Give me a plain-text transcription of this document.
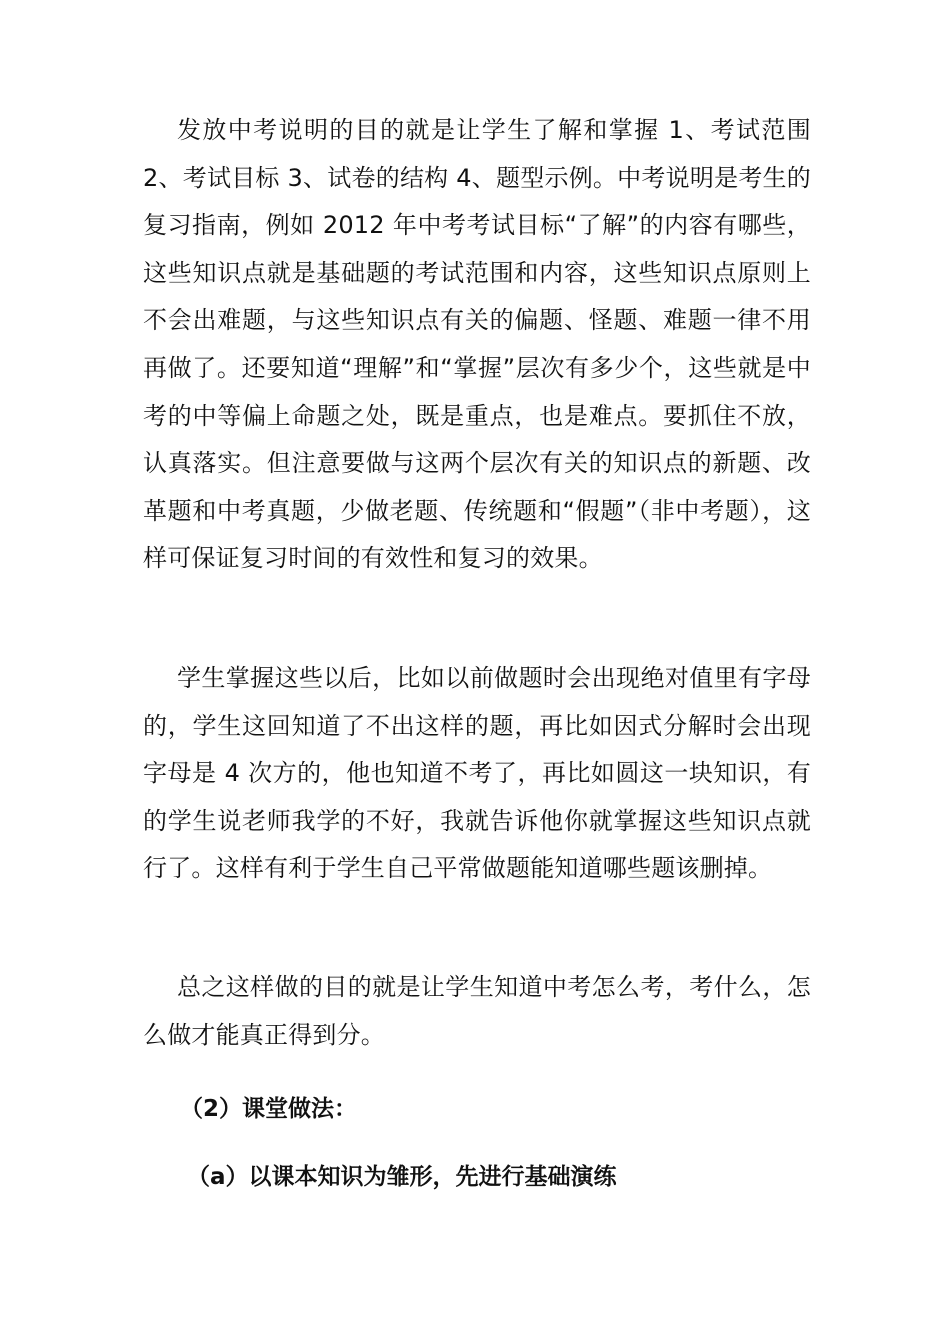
发放中考说明的目的就是让学生了解和掌握 1、考试范围 2、考试目标 3、试卷的结构 4、题型示例。中考说明是考生的复习指南，例如 2012 年中考考试目标“了解”的内容有哪些，这些知识点就是基础题的考试范围和内容，这些知识点原则上不会出难题，与这些知识点有关的偏题、怪题、难题一律不用再做了。还要知道“理解”和“掌握”层次有多少个，这些就是中考的中等偏上命题之处，既是重点，也是难点。要抓住不放，认真落实。但注意要做与这两个层次有关的知识点的新题、改革题和中考真题，少做老题、传统题和“假题”（非中考题），这样可保证复习时间的有效性和复习的效果。

学生掌握这些以后，比如以前做题时会出现绝对值里有字母的，学生这回知道了不出这样的题，再比如因式分解时会出现字母是 4 次方的，他也知道不考了，再比如圆这一块知识，有的学生说老师我学的不好，我就告诉他你就掌握这些知识点就行了。这样有利于学生自己平常做题能知道哪些题该删掉。

总之这样做的目的就是让学生知道中考怎么考，考什么，怎么做才能真正得到分。

（2）课堂做法：

（a）以课本知识为雏形，先进行基础演练
